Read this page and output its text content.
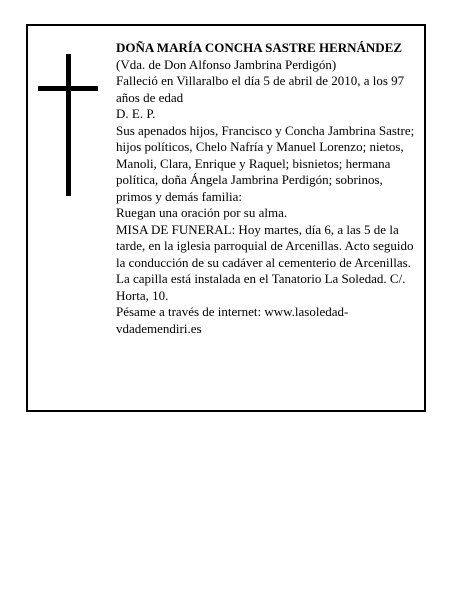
DOÑA MARÍA CONCHA SASTRE HERNÁNDEZ

(Vda. de Don Alfonso Jambrina Perdigón)

Falleció en Villaralbo el día 5 de abril de 2010, a los 97 años de edad

D. E. P.

Sus apenados hijos, Francisco y Concha Jambrina Sastre; hijos políticos, Chelo Nafría y Manuel Lorenzo; nietos, Manoli, Clara, Enrique y Raquel; bisnietos; hermana política, doña Ángela Jambrina Perdigón; sobrinos, primos y demás familia:

Ruegan una oración por su alma.

MISA DE FUNERAL: Hoy martes, día 6, a las 5 de la tarde, en la iglesia parroquial de Arcenillas. Acto seguido la conducción de su cadáver al cementerio de Arcenillas.

La capilla está instalada en el Tanatorio La Soledad. C/. Horta, 10.

Pésame a través de internet: www.lasoledad-vdademendiri.es
